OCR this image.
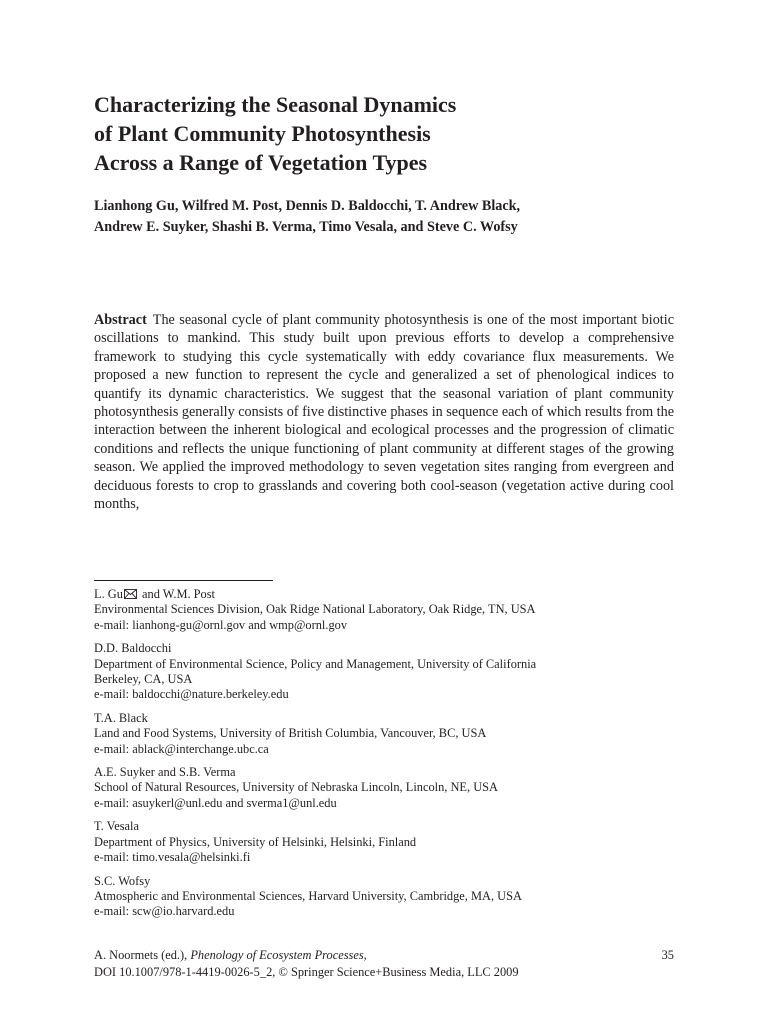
Characterizing the Seasonal Dynamics
of Plant Community Photosynthesis
Across a Range of Vegetation Types
Lianhong Gu, Wilfred M. Post, Dennis D. Baldocchi, T. Andrew Black,
Andrew E. Suyker, Shashi B. Verma, Timo Vesala, and Steve C. Wofsy
Abstract The seasonal cycle of plant community photosynthesis is one of the most important biotic oscillations to mankind. This study built upon previous efforts to develop a comprehensive framework to studying this cycle systematically with eddy covariance flux measurements. We proposed a new function to represent the cycle and generalized a set of phenological indices to quantify its dynamic characteristics. We suggest that the seasonal variation of plant community photosynthesis generally consists of five distinctive phases in sequence each of which results from the interaction between the inherent biological and ecological processes and the progression of climatic conditions and reflects the unique functioning of plant community at different stages of the growing season. We applied the improved methodology to seven vegetation sites ranging from evergreen and deciduous forests to crop to grasslands and covering both cool-season (vegetation active during cool months,
L. Gu and W.M. Post
Environmental Sciences Division, Oak Ridge National Laboratory, Oak Ridge, TN, USA
e-mail: lianhong-gu@ornl.gov and wmp@ornl.gov
D.D. Baldocchi
Department of Environmental Science, Policy and Management, University of California
Berkeley, CA, USA
e-mail: baldocchi@nature.berkeley.edu
T.A. Black
Land and Food Systems, University of British Columbia, Vancouver, BC, USA
e-mail: ablack@interchange.ubc.ca
A.E. Suyker and S.B. Verma
School of Natural Resources, University of Nebraska Lincoln, Lincoln, NE, USA
e-mail: asuykerl@unl.edu and sverma1@unl.edu
T. Vesala
Department of Physics, University of Helsinki, Helsinki, Finland
e-mail: timo.vesala@helsinki.fi
S.C. Wofsy
Atmospheric and Environmental Sciences, Harvard University, Cambridge, MA, USA
e-mail: scw@io.harvard.edu
A. Noormets (ed.), Phenology of Ecosystem Processes,
DOI 10.1007/978-1-4419-0026-5_2, © Springer Science+Business Media, LLC 2009
35
